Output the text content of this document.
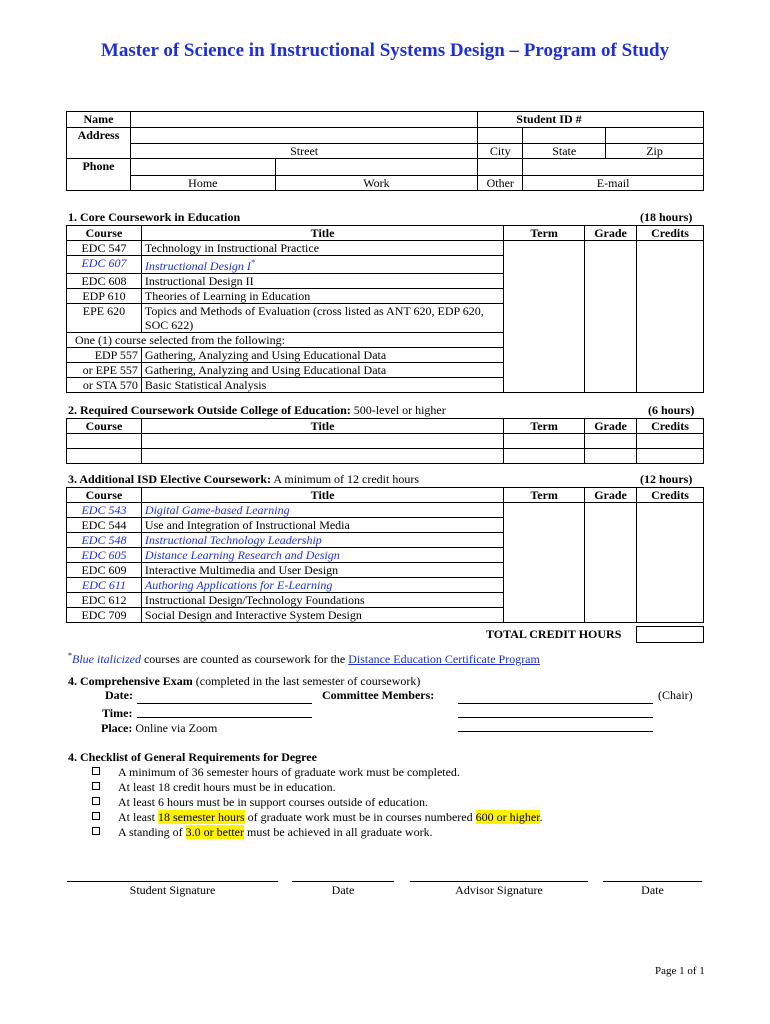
Master of Science in Instructional Systems Design – Program of Study
Name			Student ID #		
Address					
	Street		City	State	Zip
Phone					
	Home	Work	Other	E-mail	
1. Core Coursework in Education	(18 hours)
Course	Title	Term	Grade	Credits
EDC 547	Technology in Instructional Practice			
EDC 607	Instructional Design I*
EDC 608	Instructional Design II			
EDP 610	Theories of Learning in Education			
EPE 620	Topics and Methods of Evaluation (cross listed as ANT 620, EDP 620,
SOC 622)			

One (1) course selected from the following:				
EDP 557	Gathering, Analyzing and Using Educational Data			
or EPE 557	Gathering, Analyzing and Using Educational Data			
or STA 570	Basic Statistical Analysis			
2. Required Coursework Outside College of Education: 500-level or higher	(6 hours)
Course	Title	Term	Grade	Credits

3. Additional ISD Elective Coursework: A minimum of 12 credit hours	(12 hours)
Course	Title	Term	Grade	Credits
EDC 543	Digital Game-based Learning			
EDC 544	Use and Integration of Instructional Media			
EDC 548	Instructional Technology Leadership			
EDC 605	Distance Learning Research and Design			
EDC 609	Interactive Multimedia and User Design			
EDC 611	Authoring Applications for E-Learning			
EDC 612	Instructional Design/Technology Foundations			
EDC 709	Social Design and Interactive System Design			
TOTAL CREDIT HOURS
*Blue italicized courses are counted as coursework for the Distance Education Certificate Program
4. Comprehensive Exam (completed in the last semester of coursework)
Date:	Committee Members:	(Chair)
Time:
Place: Online via Zoom
4. Checklist of General Requirements for Degree
A minimum of 36 semester hours of graduate work must be completed.
At least 18 credit hours must be in education.
At least 6 hours must be in support courses outside of education.
At least 18 semester hours of graduate work must be in courses numbered 600 or higher.
A standing of 3.0 or better must be achieved in all graduate work.
Student Signature	Date	Advisor Signature	Date
Page 1 of 1
